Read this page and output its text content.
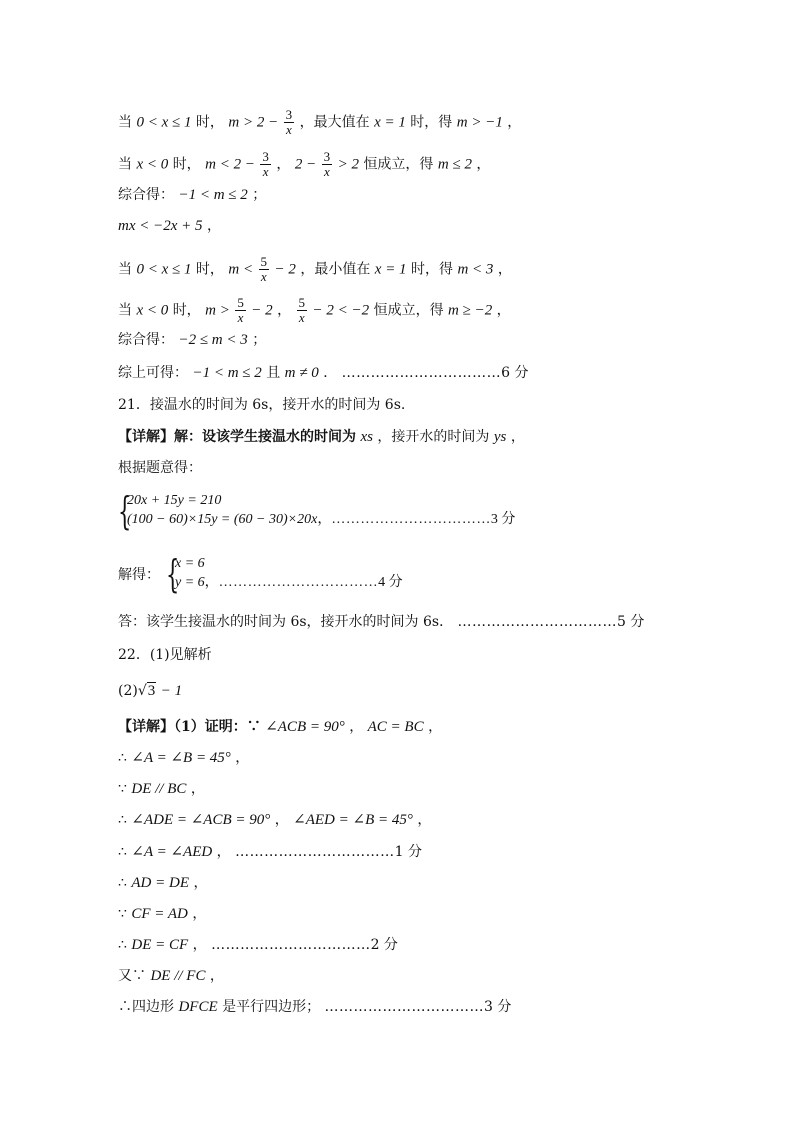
当 0 < x ≤ 1 时， $m > 2 - \frac{3}{x}$ ，最大值在 x = 1 时，得 m > −1 ，
当 x < 0 时， $m < 2 - \frac{3}{x}$ ， $2 - \frac{3}{x} > 2$ 恒成立，得 m ≤ 2 ，
综合得： −1 < m ≤ 2 ；
mx < −2x + 5 ，
当 0 < x ≤ 1 时， $m < \frac{5}{x} - 2$ ，最小值在 x = 1 时，得 m < 3 ，
当 x < 0 时， $m > \frac{5}{x} - 2$ ， $\frac{5}{x} - 2 < -2$ 恒成立，得 m ≥ −2 ，
综合得： −2 ≤ m < 3 ；
综上可得： −1 < m ≤ 2 且 m ≠ 0 ． ……………………………6 分
21．接温水的时间为 6s，接开水的时间为 6s.
【详解】解：设该学生接温水的时间为 xs ，接开水的时间为 ys ，
根据题意得：
{
20x + 15y = 210
(100 − 60)×15y = (60 − 30)×20x，……………………………3 分
解得： {
x = 6
y = 6，……………………………4 分
答：该学生接温水的时间为 6s，接开水的时间为 6s． ……………………………5 分
22．(1)见解析
(2)√3 − 1
【详解】（1）证明：∵ ∠ACB = 90° ， AC = BC ，
∴ ∠A = ∠B = 45° ，
∵ DE // BC ，
∴ ∠ADE = ∠ACB = 90° ， ∠AED = ∠B = 45° ，
∴ ∠A = ∠AED ， ……………………………1 分
∴ AD = DE ，
∵ CF = AD ，
∴ DE = CF ， ……………………………2 分
又∵ DE // FC ，
∴四边形 DFCE 是平行四边形； ……………………………3 分
